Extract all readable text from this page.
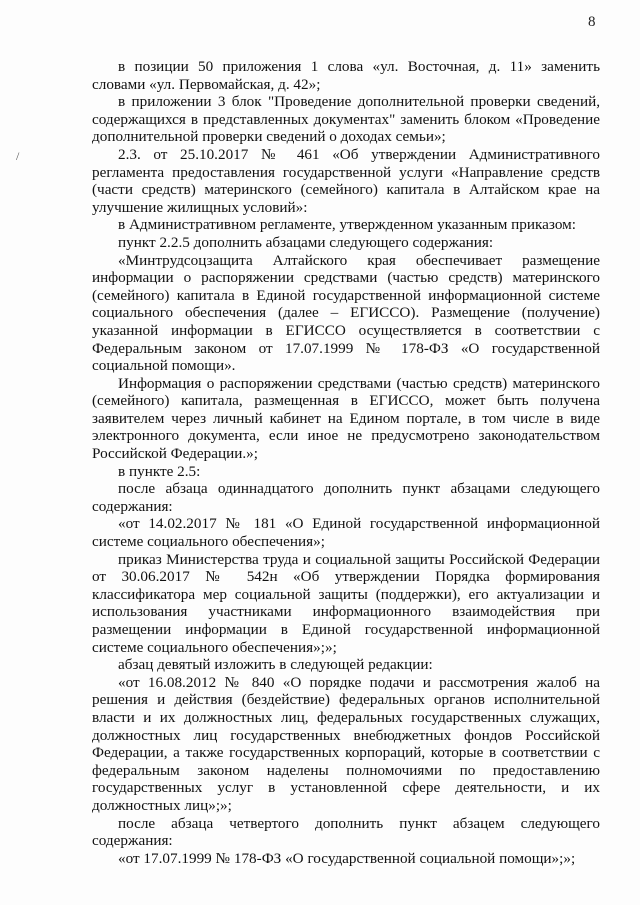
8
/

в позиции 50 приложения 1 слова «ул. Восточная, д. 11» заменить словами «ул. Первомайская, д. 42»;

в приложении 3 блок "Проведение дополнительной проверки сведений, содержащихся в представленных документах" заменить блоком «Проведение дополнительной проверки сведений о доходах семьи»;

2.3. от 25.10.2017 № 461 «Об утверждении Административного регламента предоставления государственной услуги «Направление средств (части средств) материнского (семейного) капитала в Алтайском крае на улучшение жилищных условий»:

в Административном регламенте, утвержденном указанным приказом:

пункт 2.2.5 дополнить абзацами следующего содержания:

«Минтрудсоцзащита Алтайского края обеспечивает размещение информации о распоряжении средствами (частью средств) материнского (семейного) капитала в Единой государственной информационной системе социального обеспечения (далее – ЕГИССО). Размещение (получение) указанной информации в ЕГИССО осуществляется в соответствии с Федеральным законом от 17.07.1999 № 178-ФЗ «О государственной социальной помощи».

Информация о распоряжении средствами (частью средств) материнского (семейного) капитала, размещенная в ЕГИССО, может быть получена заявителем через личный кабинет на Едином портале, в том числе в виде электронного документа, если иное не предусмотрено законодательством Российской Федерации.»;

в пункте 2.5:

после абзаца одиннадцатого дополнить пункт абзацами следующего содержания:

«от 14.02.2017 № 181 «О Единой государственной информационной системе социального обеспечения»;

приказ Министерства труда и социальной защиты Российской Федерации от 30.06.2017 № 542н «Об утверждении Порядка формирования классификатора мер социальной защиты (поддержки), его актуализации и использования участниками информационного взаимодействия при размещении информации в Единой государственной информационной системе социального обеспечения»;»;

абзац девятый изложить в следующей редакции:

«от 16.08.2012 № 840 «О порядке подачи и рассмотрения жалоб на решения и действия (бездействие) федеральных органов исполнительной власти и их должностных лиц, федеральных государственных служащих, должностных лиц государственных внебюджетных фондов Российской Федерации, а также государственных корпораций, которые в соответствии с федеральным законом наделены полномочиями по предоставлению государственных услуг в установленной сфере деятельности, и их должностных лиц»;»;

после абзаца четвертого дополнить пункт абзацем следующего содержания:

«от 17.07.1999 № 178-ФЗ «О государственной социальной помощи»;»;
